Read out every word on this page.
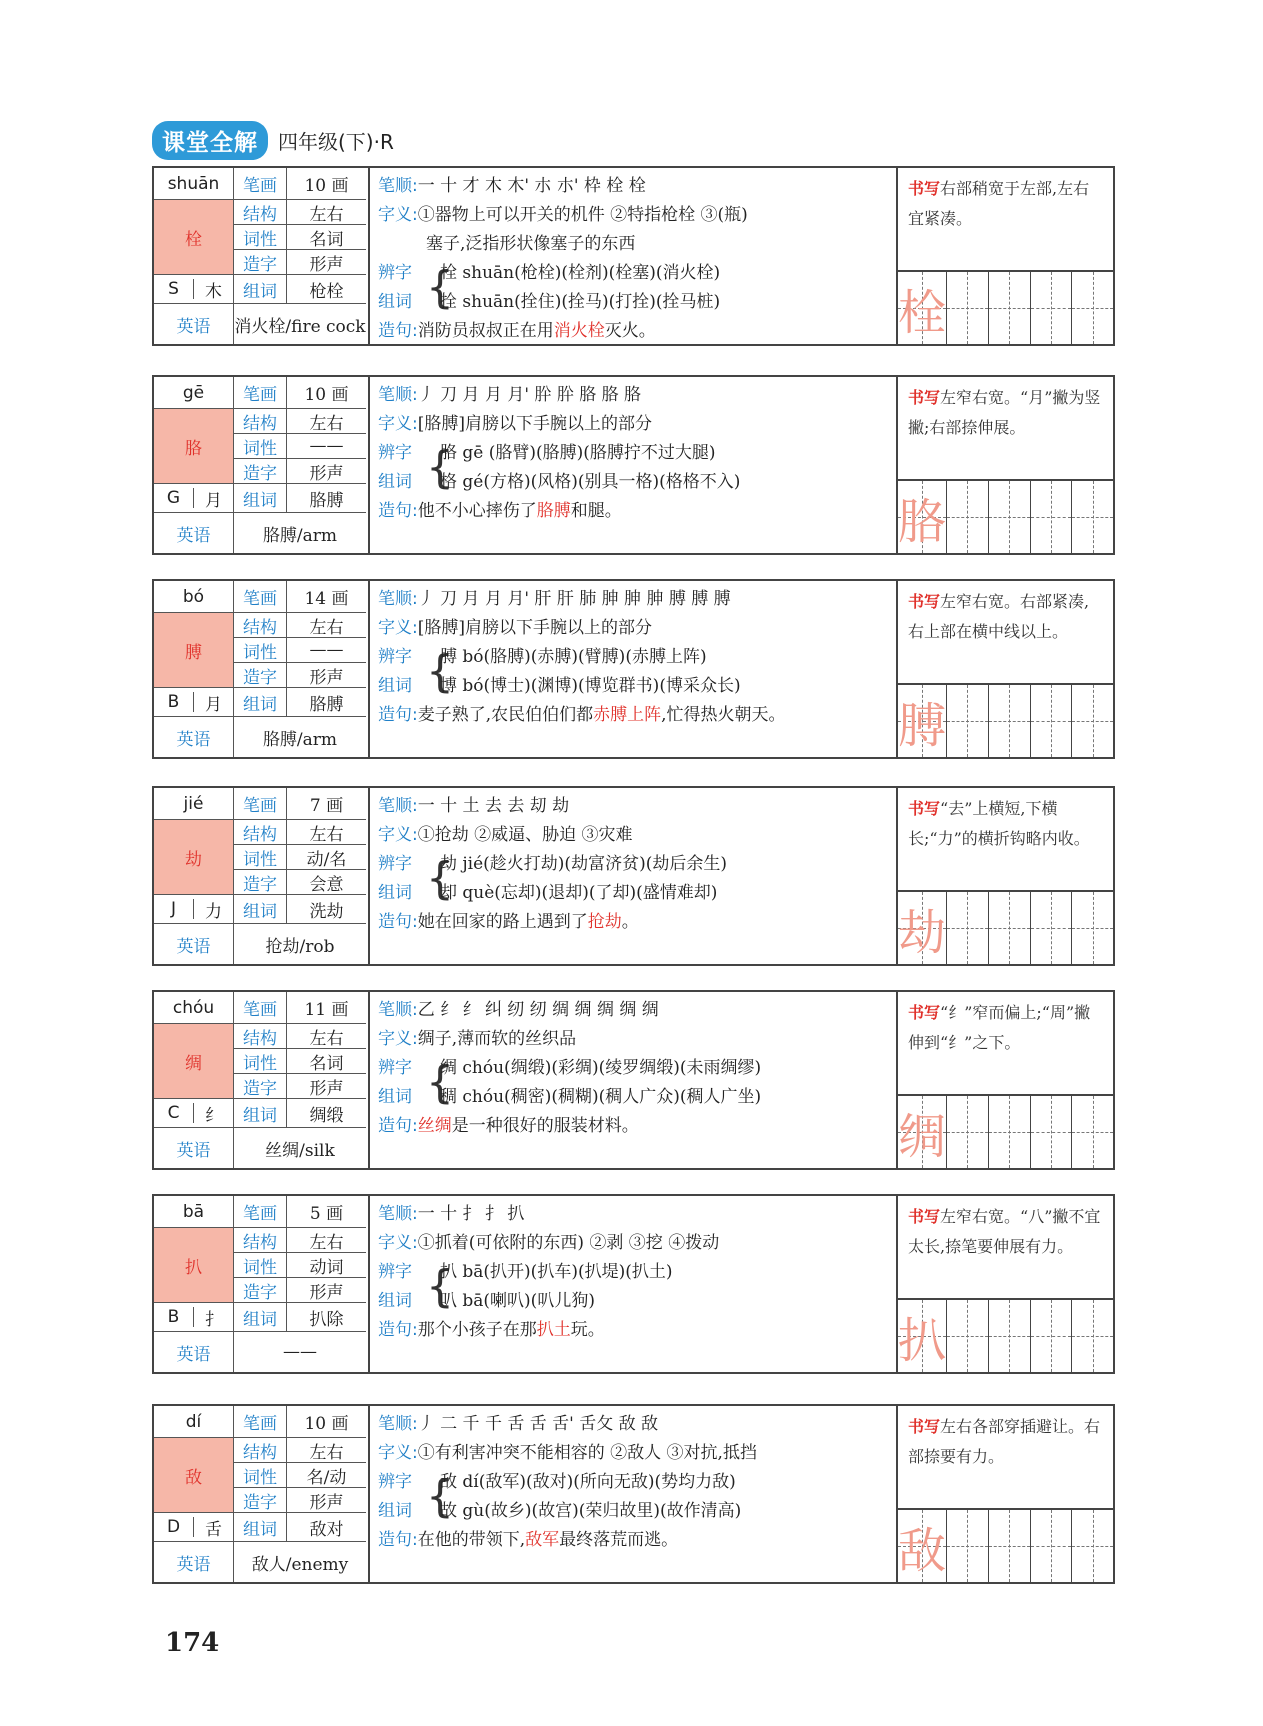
课堂全解	四年级(下)·R
shuān	笔画	10 画
栓
结构	左右
词性	名词
造字	形声
S	木	组词	枪栓
英语	消火栓/fire cock
笔顺:一 十 才 木 木' 朩 朩' 枠 栓 栓
字义:①器物上可以开关的机件 ②特指枪栓 ③(瓶)
塞子,泛指形状像塞子的东西
辨字
组词 {
栓 shuān(枪栓)(栓剂)(栓塞)(消火栓)
拴 shuān(拴住)(拴马)(打拴)(拴马桩)
造句:消防员叔叔正在用消火栓灭火。
书写右部稍宽于左部,左右宜紧凑。
栓
gē	笔画	10 画
胳
结构	左右
词性	——
造字	形声
G	月	组词	胳膊
英语	胳膊/arm
笔顺:丿 刀 月 月 月' 肸 肸 胳 胳 胳
字义:[胳膊]肩膀以下手腕以上的部分
辨字
组词 {
胳 gē (胳臂)(胳膊)(胳膊拧不过大腿)
格 gé(方格)(风格)(别具一格)(格格不入)
造句:他不小心摔伤了胳膊和腿。
书写左窄右宽。“月”撇为竖撇;右部捺伸展。
胳
bó	笔画	14 画
膊
结构	左右
词性	——
造字	形声
B	月	组词	胳膊
英语	胳膊/arm
笔顺:丿 刀 月 月 月' 肝 肝 肺 胂 胂 胂 膊 膊 膊
字义:[胳膊]肩膀以下手腕以上的部分
辨字
组词 {
膊 bó(胳膊)(赤膊)(臂膊)(赤膊上阵)
博 bó(博士)(渊博)(博览群书)(博采众长)
造句:麦子熟了,农民伯伯们都赤膊上阵,忙得热火朝天。
书写左窄右宽。右部紧凑,右上部在横中线以上。
膊
jié	笔画	7 画
劫
结构	左右
词性	动/名
造字	会意
J	力	组词	洗劫
英语	抢劫/rob
笔顺:一 十 土 去 去 刧 劫
字义:①抢劫 ②威逼、胁迫 ③灾难
辨字
组词 {
劫 jié(趁火打劫)(劫富济贫)(劫后余生)
却 què(忘却)(退却)(了却)(盛情难却)
造句:她在回家的路上遇到了抢劫。
书写“去”上横短,下横长;“力”的横折钩略内收。
劫
chóu	笔画	11 画
绸
结构	左右
词性	名词
造字	形声
C	纟	组词	绸缎
英语	丝绸/silk
笔顺:乙 纟 纟 纠 纫 纫 绸 绸 绸 绸 绸
字义:绸子,薄而软的丝织品
辨字
组词 {
绸 chóu(绸缎)(彩绸)(绫罗绸缎)(未雨绸缪)
稠 chóu(稠密)(稠糊)(稠人广众)(稠人广坐)
造句:丝绸是一种很好的服装材料。
书写“纟”窄而偏上;“周”撇伸到“纟”之下。
绸
bā	笔画	5 画
扒
结构	左右
词性	动词
造字	形声
B	扌	组词	扒除
英语	——
笔顺:一 十 扌 扌 扒
字义:①抓着(可依附的东西) ②剥 ③挖 ④拨动
辨字
组词 {
扒 bā(扒开)(扒车)(扒堤)(扒土)
叭 bā(喇叭)(叭儿狗)
造句:那个小孩子在那扒土玩。
书写左窄右宽。“八”撇不宜太长,捺笔要伸展有力。
扒
dí	笔画	10 画
敌
结构	左右
词性	名/动
造字	形声
D	舌	组词	敌对
英语	敌人/enemy
笔顺:丿 二 千 千 舌 舌 舌' 舌攵 敌 敌
字义:①有利害冲突不能相容的 ②敌人 ③对抗,抵挡
辨字
组词 {
敌 dí(敌军)(敌对)(所向无敌)(势均力敌)
故 gù(故乡)(故宫)(荣归故里)(故作清高)
造句:在他的带领下,敌军最终落荒而逃。
书写左右各部穿插避让。右部捺要有力。
敌
174
